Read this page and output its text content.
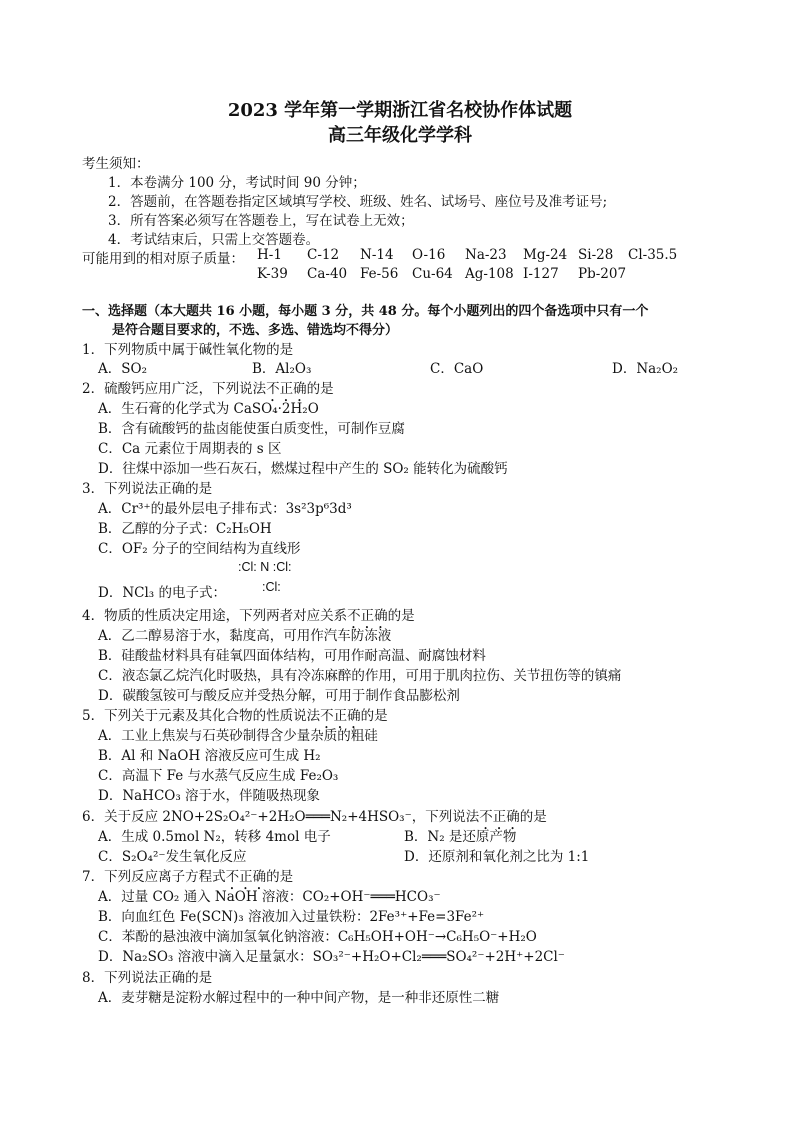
2023 学年第一学期浙江省名校协作体试题
高三年级化学学科
考生须知：
1．本卷满分 100 分，考试时间 90 分钟；
2．答题前，在答题卷指定区域填写学校、班级、姓名、试场号、座位号及准考证号;
3．所有答案必须写在答题卷上，写在试卷上无效；
4．考试结束后，只需上交答题卷。
可能用到的相对原子质量： H-1 C-12 N-14 O-16 Na-23 Mg-24 Si-28 Cl-35.5
K-39 Ca-40 Fe-56 Cu-64 Ag-108 I-127 Pb-207
一、选择题（本大题共 16 小题，每小题 3 分，共 48 分。每个小题列出的四个备选项中只有一个
是符合题目要求的，不选、多选、错选均不得分）
1．下列物质中属于碱性氧化物的是
A．SO₂	B．Al₂O₃	C．CaO	D．Na₂O₂
2．硫酸钙应用广泛，下列说法不正确的是
A．生石膏的化学式为 CaSO₄·2H₂O
B．含有硫酸钙的盐卤能使蛋白质变性，可制作豆腐
C．Ca 元素位于周期表的 s 区
D．往煤中添加一些石灰石，燃煤过程中产生的 SO₂ 能转化为硫酸钙
3．下列说法正确的是
A．Cr³⁺的最外层电子排布式：3s²3p⁶3d³
B．乙醇的分子式：C₂H₅OH
C．OF₂ 分子的空间结构为直线形
:Cl: N :Cl:
:Cl:
D．NCl₃ 的电子式：
4．物质的性质决定用途，下列两者对应关系不正确的是
A．乙二醇易溶于水，黏度高，可用作汽车防冻液
B．硅酸盐材料具有硅氧四面体结构，可用作耐高温、耐腐蚀材料
C．液态氯乙烷汽化时吸热，具有冷冻麻醉的作用，可用于肌肉拉伤、关节扭伤等的镇痛
D．碳酸氢铵可与酸反应并受热分解，可用于制作食品膨松剂
5．下列关于元素及其化合物的性质说法不正确的是
A．工业上焦炭与石英砂制得含少量杂质的粗硅
B．Al 和 NaOH 溶液反应可生成 H₂
C．高温下 Fe 与水蒸气反应生成 Fe₂O₃
D．NaHCO₃ 溶于水，伴随吸热现象
6．关于反应 2NO+2S₂O₄²⁻+2H₂O═══N₂+4HSO₃⁻，下列说法不正确的是
A．生成 0.5mol N₂，转移 4mol 电子	B．N₂ 是还原产物
C．S₂O₄²⁻发生氧化反应	D．还原剂和氧化剂之比为 1:1
7．下列反应离子方程式不正确的是
A．过量 CO₂ 通入 NaOH 溶液：CO₂+OH⁻═══HCO₃⁻
B．向血红色 Fe(SCN)₃ 溶液加入过量铁粉：2Fe³⁺+Fe=3Fe²⁺
C．苯酚的悬浊液中滴加氢氧化钠溶液：C₆H₅OH+OH⁻→C₆H₅O⁻+H₂O
D．Na₂SO₃ 溶液中滴入足量氯水：SO₃²⁻+H₂O+Cl₂═══SO₄²⁻+2H⁺+2Cl⁻
8．下列说法正确的是
A．麦芽糖是淀粉水解过程中的一种中间产物，是一种非还原性二糖
